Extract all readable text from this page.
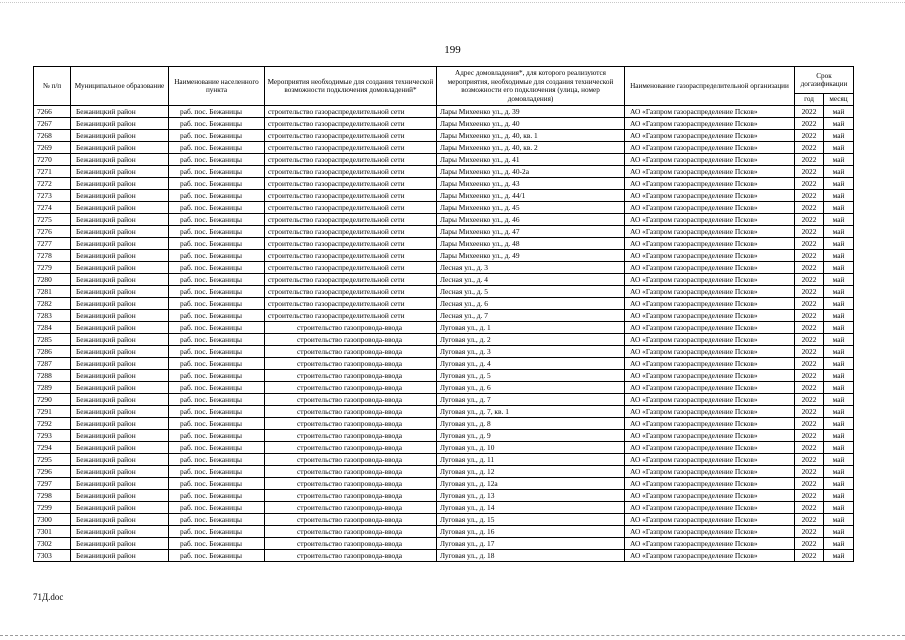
199
№ п/п	Муниципальное образование	Наименование населенного пункта	Мероприятия необходимые для создания технической возможности подключения домовладений*	Адрес домовладения*, для которого реализуются мероприятия, необходимые для создания технической возможности его подключения (улица, номер домовладения)	Наименование газораспределительной организации	Срок догазификации	
						год	месяц
7266	Бежаницкий район	раб. пос. Бежаницы	строительство газораспределительной сети	Лары Михеенко ул., д. 39	АО «Газпром газораспределение Псков»	2022	май
7267	Бежаницкий район	раб. пос. Бежаницы	строительство газораспределительной сети	Лары Михеенко ул., д. 40	АО «Газпром газораспределение Псков»	2022	май
7268	Бежаницкий район	раб. пос. Бежаницы	строительство газораспределительной сети	Лары Михеенко ул., д. 40, кв. 1	АО «Газпром газораспределение Псков»	2022	май
7269	Бежаницкий район	раб. пос. Бежаницы	строительство газораспределительной сети	Лары Михеенко ул., д. 40, кв. 2	АО «Газпром газораспределение Псков»	2022	май
7270	Бежаницкий район	раб. пос. Бежаницы	строительство газораспределительной сети	Лары Михеенко ул., д. 41	АО «Газпром газораспределение Псков»	2022	май
7271	Бежаницкий район	раб. пос. Бежаницы	строительство газораспределительной сети	Лары Михеенко ул., д. 40-2а	АО «Газпром газораспределение Псков»	2022	май
7272	Бежаницкий район	раб. пос. Бежаницы	строительство газораспределительной сети	Лары Михеенко ул., д. 43	АО «Газпром газораспределение Псков»	2022	май
7273	Бежаницкий район	раб. пос. Бежаницы	строительство газораспределительной сети	Лары Михеенко ул., д. 44/1	АО «Газпром газораспределение Псков»	2022	май
7274	Бежаницкий район	раб. пос. Бежаницы	строительство газораспределительной сети	Лары Михеенко ул., д. 45	АО «Газпром газораспределение Псков»	2022	май
7275	Бежаницкий район	раб. пос. Бежаницы	строительство газораспределительной сети	Лары Михеенко ул., д. 46	АО «Газпром газораспределение Псков»	2022	май
7276	Бежаницкий район	раб. пос. Бежаницы	строительство газораспределительной сети	Лары Михеенко ул., д. 47	АО «Газпром газораспределение Псков»	2022	май
7277	Бежаницкий район	раб. пос. Бежаницы	строительство газораспределительной сети	Лары Михеенко ул., д. 48	АО «Газпром газораспределение Псков»	2022	май
7278	Бежаницкий район	раб. пос. Бежаницы	строительство газораспределительной сети	Лары Михеенко ул., д. 49	АО «Газпром газораспределение Псков»	2022	май
7279	Бежаницкий район	раб. пос. Бежаницы	строительство газораспределительной сети	Лесная ул., д. 3	АО «Газпром газораспределение Псков»	2022	май
7280	Бежаницкий район	раб. пос. Бежаницы	строительство газораспределительной сети	Лесная ул., д. 4	АО «Газпром газораспределение Псков»	2022	май
7281	Бежаницкий район	раб. пос. Бежаницы	строительство газораспределительной сети	Лесная ул., д. 5	АО «Газпром газораспределение Псков»	2022	май
7282	Бежаницкий район	раб. пос. Бежаницы	строительство газораспределительной сети	Лесная ул., д. 6	АО «Газпром газораспределение Псков»	2022	май
7283	Бежаницкий район	раб. пос. Бежаницы	строительство газораспределительной сети	Лесная ул., д. 7	АО «Газпром газораспределение Псков»	2022	май
7284	Бежаницкий район	раб. пос. Бежаницы	строительство газопровода-ввода	Луговая ул., д. 1	АО «Газпром газораспределение Псков»	2022	май
7285	Бежаницкий район	раб. пос. Бежаницы	строительство газопровода-ввода	Луговая ул., д. 2	АО «Газпром газораспределение Псков»	2022	май
7286	Бежаницкий район	раб. пос. Бежаницы	строительство газопровода-ввода	Луговая ул., д. 3	АО «Газпром газораспределение Псков»	2022	май
7287	Бежаницкий район	раб. пос. Бежаницы	строительство газопровода-ввода	Луговая ул., д. 4	АО «Газпром газораспределение Псков»	2022	май
7288	Бежаницкий район	раб. пос. Бежаницы	строительство газопровода-ввода	Луговая ул., д. 5	АО «Газпром газораспределение Псков»	2022	май
7289	Бежаницкий район	раб. пос. Бежаницы	строительство газопровода-ввода	Луговая ул., д. 6	АО «Газпром газораспределение Псков»	2022	май
7290	Бежаницкий район	раб. пос. Бежаницы	строительство газопровода-ввода	Луговая ул., д. 7	АО «Газпром газораспределение Псков»	2022	май
7291	Бежаницкий район	раб. пос. Бежаницы	строительство газопровода-ввода	Луговая ул., д. 7, кв. 1	АО «Газпром газораспределение Псков»	2022	май
7292	Бежаницкий район	раб. пос. Бежаницы	строительство газопровода-ввода	Луговая ул., д. 8	АО «Газпром газораспределение Псков»	2022	май
7293	Бежаницкий район	раб. пос. Бежаницы	строительство газопровода-ввода	Луговая ул., д. 9	АО «Газпром газораспределение Псков»	2022	май
7294	Бежаницкий район	раб. пос. Бежаницы	строительство газопровода-ввода	Луговая ул., д. 10	АО «Газпром газораспределение Псков»	2022	май
7295	Бежаницкий район	раб. пос. Бежаницы	строительство газопровода-ввода	Луговая ул., д. 11	АО «Газпром газораспределение Псков»	2022	май
7296	Бежаницкий район	раб. пос. Бежаницы	строительство газопровода-ввода	Луговая ул., д. 12	АО «Газпром газораспределение Псков»	2022	май
7297	Бежаницкий район	раб. пос. Бежаницы	строительство газопровода-ввода	Луговая ул., д. 12а	АО «Газпром газораспределение Псков»	2022	май
7298	Бежаницкий район	раб. пос. Бежаницы	строительство газопровода-ввода	Луговая ул., д. 13	АО «Газпром газораспределение Псков»	2022	май
7299	Бежаницкий район	раб. пос. Бежаницы	строительство газопровода-ввода	Луговая ул., д. 14	АО «Газпром газораспределение Псков»	2022	май
7300	Бежаницкий район	раб. пос. Бежаницы	строительство газопровода-ввода	Луговая ул., д. 15	АО «Газпром газораспределение Псков»	2022	май
7301	Бежаницкий район	раб. пос. Бежаницы	строительство газопровода-ввода	Луговая ул., д. 16	АО «Газпром газораспределение Псков»	2022	май
7302	Бежаницкий район	раб. пос. Бежаницы	строительство газопровода-ввода	Луговая ул., д. 17	АО «Газпром газораспределение Псков»	2022	май
7303	Бежаницкий район	раб. пос. Бежаницы	строительство газопровода-ввода	Луговая ул., д. 18	АО «Газпром газораспределение Псков»	2022	май
71Д.doc
